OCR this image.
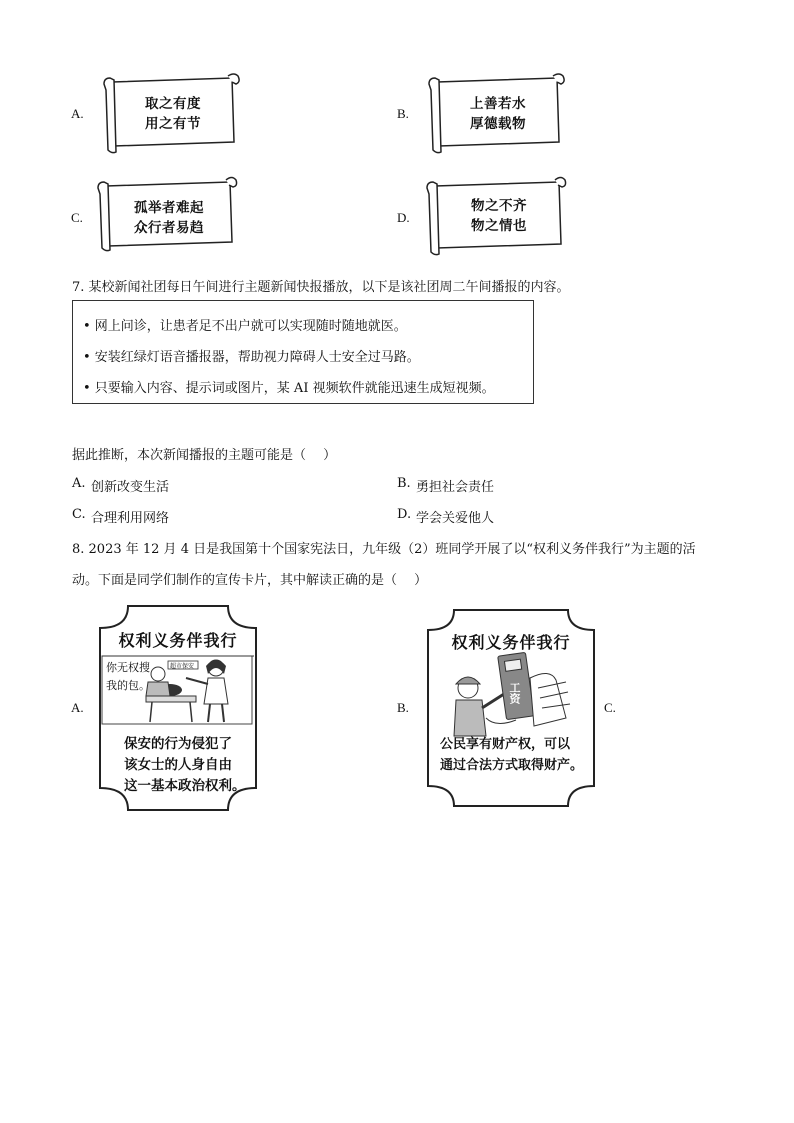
A.
取之有度
用之有节
B.
上善若水
厚德载物
C.
孤举者难起
众行者易趋
D.
物之不齐
物之情也
7. 某校新闻社团每日午间进行主题新闻快报播放，以下是该社团周二午间播报的内容。
• 网上问诊，让患者足不出户就可以实现随时随地就医。
• 安装红绿灯语音播报器，帮助视力障碍人士安全过马路。
• 只要输入内容、提示词或图片，某 AI 视频软件就能迅速生成短视频。
据此推断，本次新闻播报的主题可能是（　 ）
A. 创新改变生活	B. 勇担社会责任
C. 合理利用网络	D. 学会关爱他人
8. 2023 年 12 月 4 日是我国第十个国家宪法日，九年级（2）班同学开展了以“权利义务伴我行”为主题的活
动。下面是同学们制作的宣传卡片，其中解读正确的是（　 ）
A.
权利义务伴我行
你无权搜
我的包。
超市保安
保安的行为侵犯了
该女士的人身自由
这一基本政治权利。
B.
权利义务伴我行
工资
公民享有财产权，可以
通过合法方式取得财产。
C.
